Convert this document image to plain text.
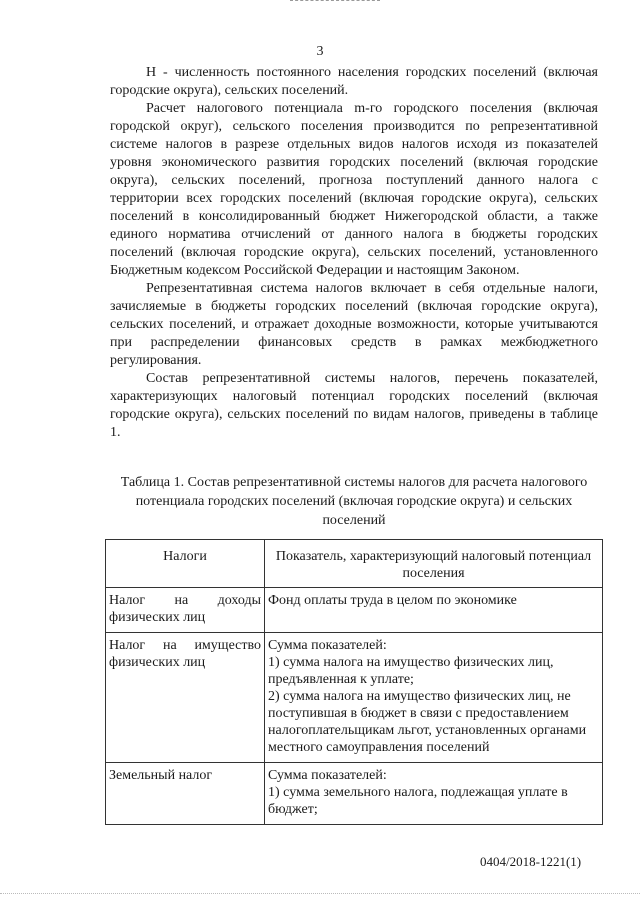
3

Н - численность постоянного населения городских поселений (включая городские округа), сельских поселений.

Расчет налогового потенциала m-го городского поселения (включая городской округ), сельского поселения производится по репрезентативной системе налогов в разрезе отдельных видов налогов исходя из показателей уровня экономического развития городских поселений (включая городские округа), сельских поселений, прогноза поступлений данного налога с территории всех городских поселений (включая городские округа), сельских поселений в консолидированный бюджет Нижегородской области, а также единого норматива отчислений от данного налога в бюджеты городских поселений (включая городские округа), сельских поселений, установленного Бюджетным кодексом Российской Федерации и настоящим Законом.

Репрезентативная система налогов включает в себя отдельные налоги, зачисляемые в бюджеты городских поселений (включая городские округа), сельских поселений, и отражает доходные возможности, которые учитываются при распределении финансовых средств в рамках межбюджетного регулирования.

Состав репрезентативной системы налогов, перечень показателей, характеризующих налоговый потенциал городских поселений (включая городские округа), сельских поселений по видам налогов, приведены в таблице 1.

Таблица 1. Состав репрезентативной системы налогов для расчета налогового потенциала городских поселений (включая городские округа) и сельских поселений
Налоги	Показатель, характеризующий налоговый потенциал поселения
Налог на доходы физических лиц	Фонд оплаты труда в целом по экономике

Налог на имущество физических лиц	Сумма показателей:
1) сумма налога на имущество физических лиц, предъявленная к уплате;
2) сумма налога на имущество физических лиц, не поступившая в бюджет в связи с предоставлением налогоплательщикам льгот, установленных органами местного самоуправления поселений

Земельный налог	Сумма показателей:
1) сумма земельного налога, подлежащая уплате в бюджет;
0404/2018-1221(1)
